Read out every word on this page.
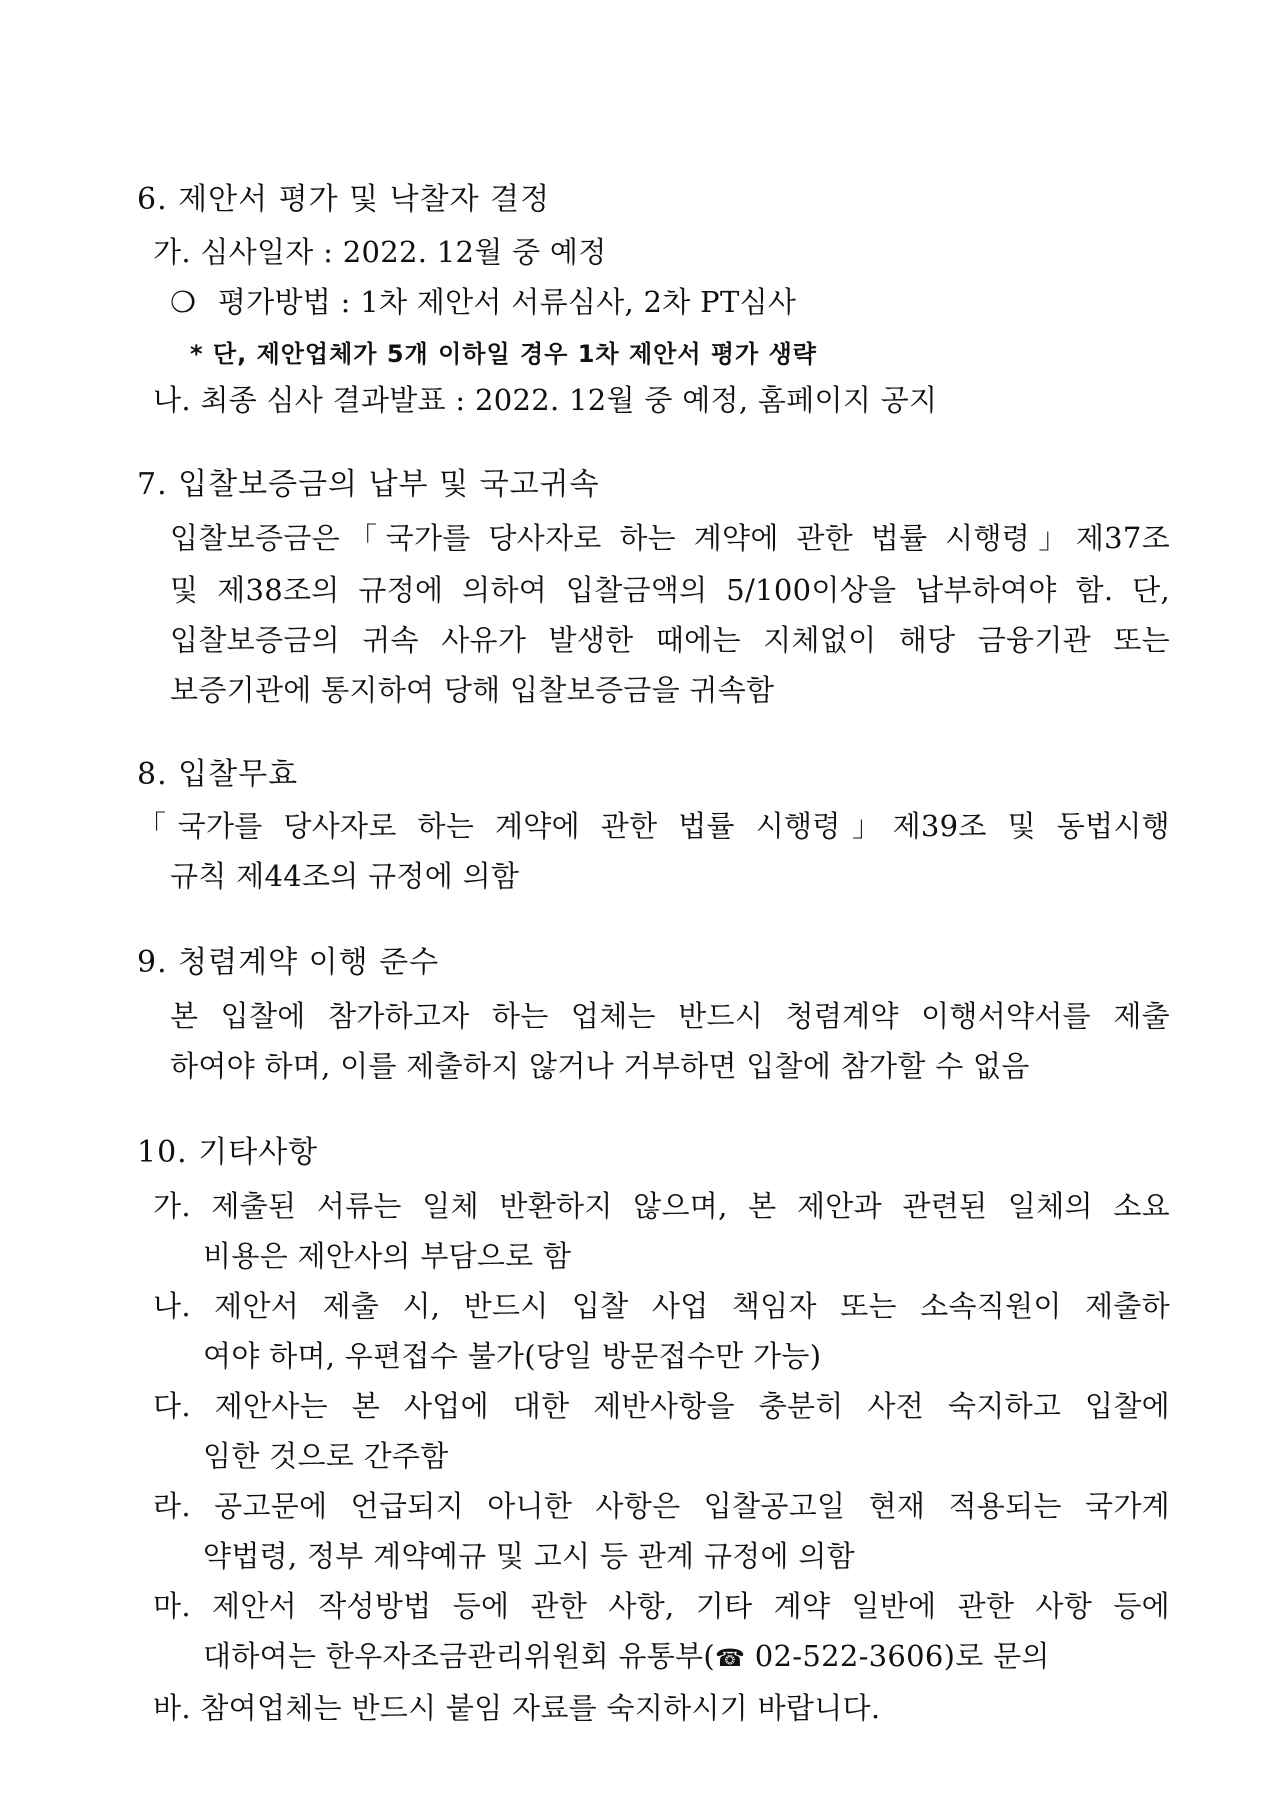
6. 제안서 평가 및 낙찰자 결정
가. 심사일자 : 2022. 12월 중 예정
❍ 평가방법 : 1차 제안서 서류심사, 2차 PT심사
* 단, 제안업체가 5개 이하일 경우 1차 제안서 평가 생략
나. 최종 심사 결과발표 : 2022. 12월 중 예정, 홈페이지 공지
7. 입찰보증금의 납부 및 국고귀속
입찰보증금은「국가를 당사자로 하는 계약에 관한 법률 시행령」제37조
및 제38조의 규정에 의하여 입찰금액의 5/100이상을 납부하여야 함. 단,
입찰보증금의 귀속 사유가 발생한 때에는 지체없이 해당 금융기관 또는
보증기관에 통지하여 당해 입찰보증금을 귀속함
8. 입찰무효
「국가를 당사자로 하는 계약에 관한 법률 시행령」제39조 및 동법시행
규칙 제44조의 규정에 의함
9. 청렴계약 이행 준수
본 입찰에 참가하고자 하는 업체는 반드시 청렴계약 이행서약서를 제출
하여야 하며, 이를 제출하지 않거나 거부하면 입찰에 참가할 수 없음
10. 기타사항
가. 제출된 서류는 일체 반환하지 않으며, 본 제안과 관련된 일체의 소요
비용은 제안사의 부담으로 함
나. 제안서 제출 시, 반드시 입찰 사업 책임자 또는 소속직원이 제출하
여야 하며, 우편접수 불가(당일 방문접수만 가능)
다. 제안사는 본 사업에 대한 제반사항을 충분히 사전 숙지하고 입찰에
임한 것으로 간주함
라. 공고문에 언급되지 아니한 사항은 입찰공고일 현재 적용되는 국가계
약법령, 정부 계약예규 및 고시 등 관계 규정에 의함
마. 제안서 작성방법 등에 관한 사항, 기타 계약 일반에 관한 사항 등에
대하여는 한우자조금관리위원회 유통부(☎ 02-522-3606)로 문의
바. 참여업체는 반드시 붙임 자료를 숙지하시기 바랍니다.
